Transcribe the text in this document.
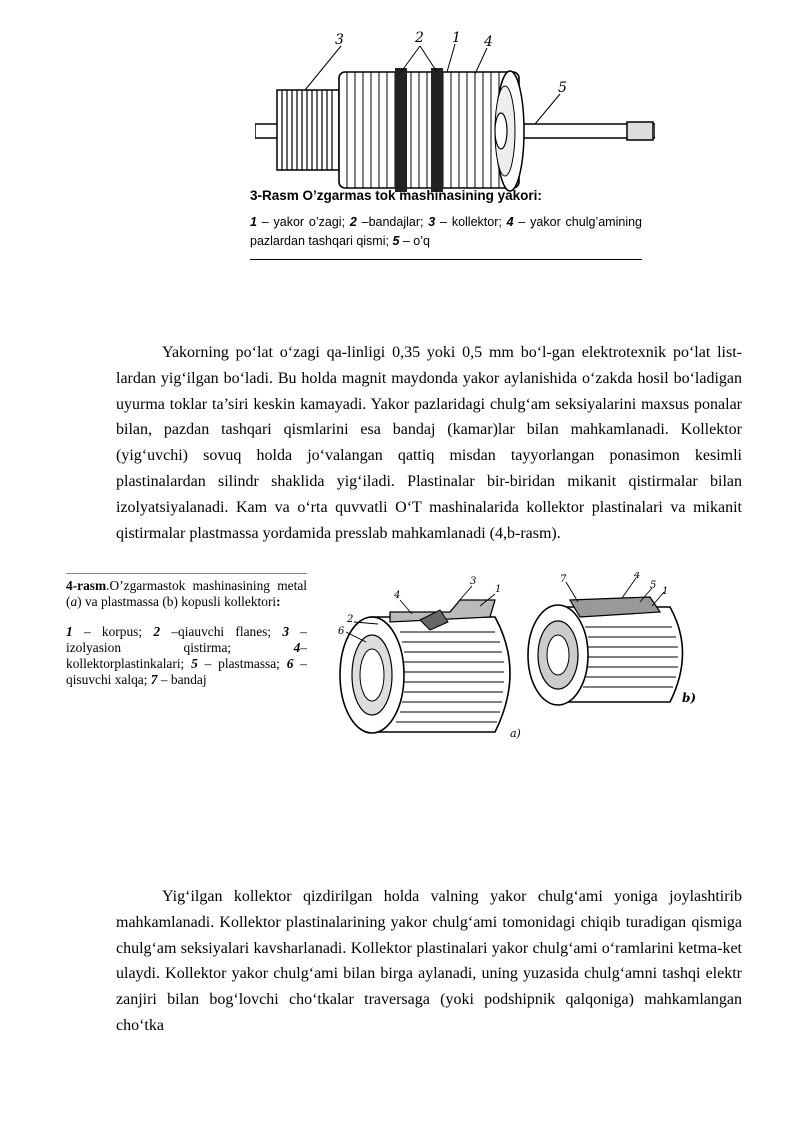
3	2 1 4
5

3-Rasm O’zgarmas tok mashinasining yakori:

1 – yakor o’zagi; 2 –bandajlar; 3 – kollektor; 4 – yakor chulg’amining pazlardan tashqari qismi; 5 – o’q

Yakorning po‘lat o‘zagi qa-linligi 0,35 yoki 0,5 mm bo‘l-gan elektrotexnik po‘lat list-lardan yig‘ilgan bo‘ladi. Bu holda magnit maydonda yakor aylanishida o‘zakda hosil bo‘ladigan uyurma toklar ta’siri keskin kamayadi. Yakor pazlaridagi chulg‘am seksiyalarini maxsus ponalar bilan, pazdan tashqari qismlarini esa bandaj (kamar)lar bilan mahkamlanadi. Kollektor (yig‘uvchi) sovuq holda jo‘valangan qattiq misdan tayyorlangan ponasimon kesimli plastinalardan silindr shaklida yig‘iladi. Plastinalar bir-biridan mikanit qistirmalar bilan izolyatsiyalanadi. Kam va o‘rta quvvatli O‘T mashinalarida kollektor plastinalari va mikanit qistirmalar plastmassa yordamida presslab mahkamlanadi (4,b-rasm).

4-rasm.O’zgarmastok mashinasining metal (a) va plastmassa (b) kopusli kollektori:

1 – korpus; 2 –qiauvchi flanes; 3 – izolyasion qistirma; 4– kollektorplastinkalari; 5 – plastmassa; 6 – qisuvchi xalqa; 7 – bandaj

4
3
1
2
6
7	4
5
1
a)
b)

Yig‘ilgan kollektor qizdirilgan holda valning yakor chulg‘ami yoniga joylashtirib mahkamlanadi. Kollektor plastinalarining yakor chulg‘ami tomonidagi chiqib turadigan qismiga chulg‘am seksiyalari kavsharlanadi. Kollektor plastinalari yakor chulg‘ami o‘ramlarini ketma-ket ulaydi. Kollektor yakor chulg‘ami bilan birga aylanadi, uning yuzasida chulg‘amni tashqi elektr zanjiri bilan bog‘lovchi cho‘tkalar traversaga (yoki podshipnik qalqoniga) mahkamlangan cho‘tka
